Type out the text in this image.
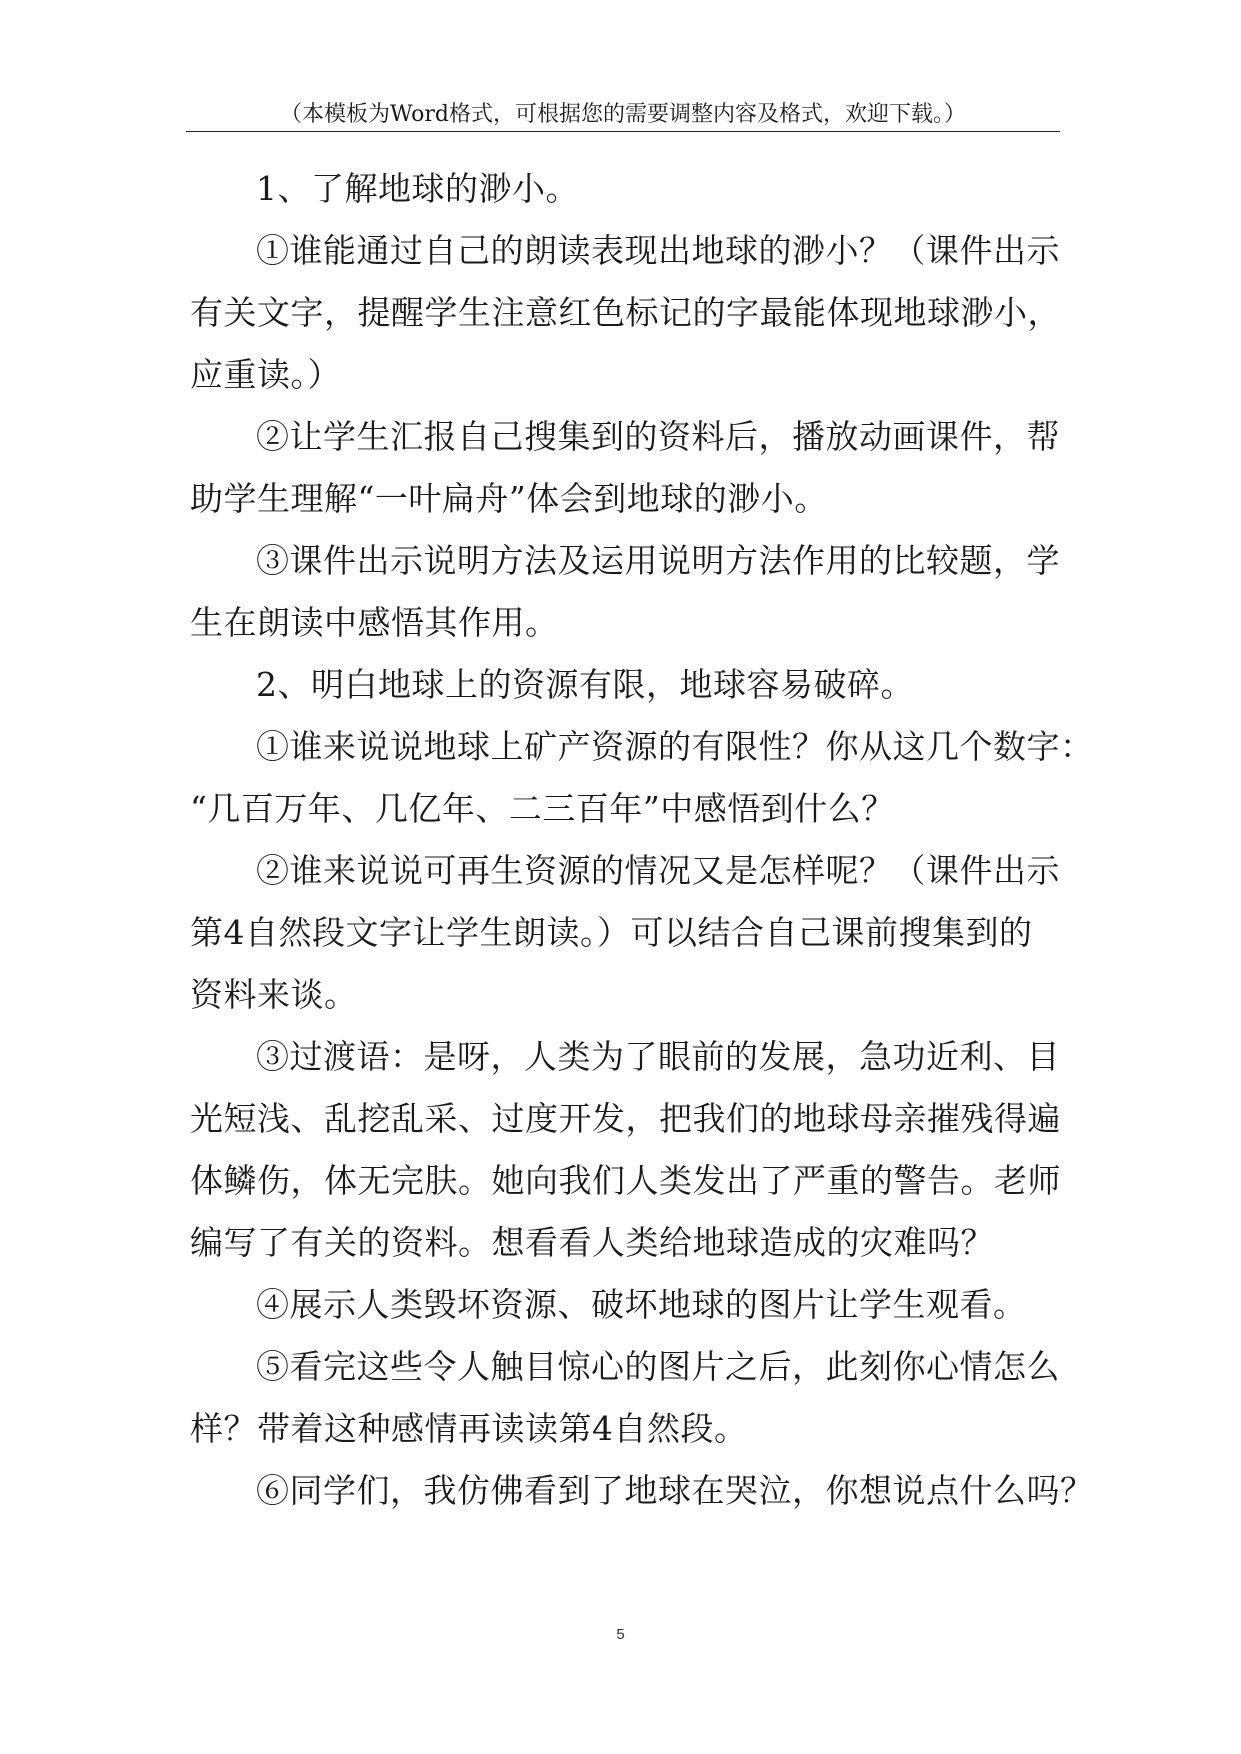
（本模板为Word格式，可根据您的需要调整内容及格式，欢迎下载。）

1、了解地球的渺小。

①谁能通过自己的朗读表现出地球的渺小？（课件出示
有关文字，提醒学生注意红色标记的字最能体现地球渺小，
应重读。）

②让学生汇报自己搜集到的资料后，播放动画课件，帮
助学生理解“一叶扁舟”体会到地球的渺小。

③课件出示说明方法及运用说明方法作用的比较题，学
生在朗读中感悟其作用。

2、明白地球上的资源有限，地球容易破碎。

①谁来说说地球上矿产资源的有限性？你从这几个数字：
“几百万年、几亿年、二三百年”中感悟到什么？

②谁来说说可再生资源的情况又是怎样呢？（课件出示
第4自然段文字让学生朗读。）可以结合自己课前搜集到的
资料来谈。

③过渡语：是呀，人类为了眼前的发展，急功近利、目
光短浅、乱挖乱采、过度开发，把我们的地球母亲摧残得遍
体鳞伤，体无完肤。她向我们人类发出了严重的警告。老师
编写了有关的资料。想看看人类给地球造成的灾难吗？

④展示人类毁坏资源、破坏地球的图片让学生观看。

⑤看完这些令人触目惊心的图片之后，此刻你心情怎么
样？带着这种感情再读读第4自然段。

⑥同学们，我仿佛看到了地球在哭泣，你想说点什么吗？

5
